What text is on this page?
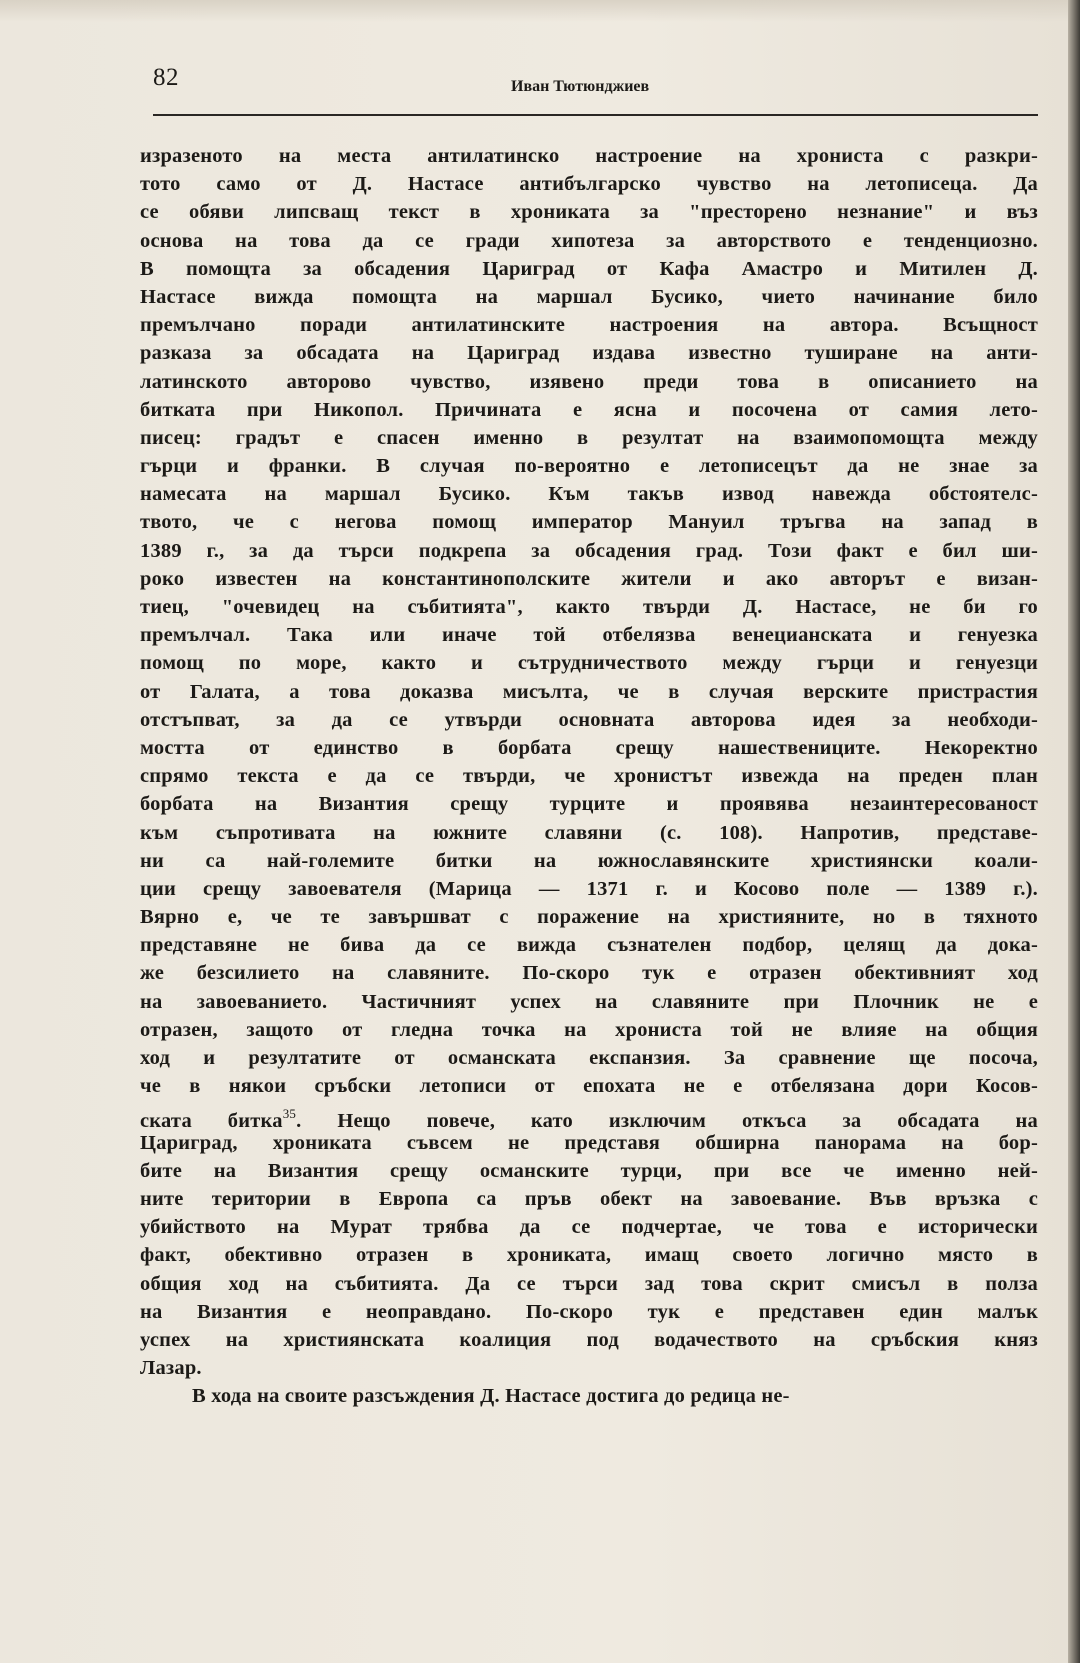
82	Иван Тютюнджиев
изразеното на места антилатинско настроение на хрониста с разкри-
тото само от Д. Настасе антибългарско чувство на летописеца. Да
се обяви липсващ текст в хрониката за "престорено незнание" и въз
основа на това да се гради хипотеза за авторството е тенденциозно.
В помощта за обсадения Цариград от Кафа Амастро и Митилен Д.
Настасе вижда помощта на маршал Бусико, чието начинание било
премълчано поради антилатинските настроения на автора. Всъщност
разказа за обсадата на Цариград издава известно туширане на анти-
латинското авторово чувство, изявено преди това в описанието на
битката при Никопол. Причината е ясна и посочена от самия лето-
писец: градът е спасен именно в резултат на взаимопомощта между
гърци и франки. В случая по-вероятно е летописецът да не знае за
намесата на маршал Бусико. Към такъв извод навежда обстоятелс-
твото, че с негова помощ император Мануил тръгва на запад в
1389 г., за да търси подкрепа за обсадения град. Този факт е бил ши-
роко известен на константинополските жители и ако авторът е визан-
тиец, "очевидец на събитията", както твърди Д. Настасе, не би го
премълчал. Така или иначе той отбелязва венецианската и генуезка
помощ по море, както и сътрудничеството между гърци и генуезци
от Галата, а това доказва мисълта, че в случая верските пристрастия
отстъпват, за да се утвърди основната авторова идея за необходи-
мостта от единство в борбата срещу нашествениците. Некоректно
спрямо текста е да се твърди, че хронистът извежда на преден план
борбата на Византия срещу турците и проявява незаинтересованост
към съпротивата на южните славяни (с. 108). Напротив, представе-
ни са най-големите битки на южнославянските християнски коали-
ции срещу завоевателя (Марица — 1371 г. и Косово поле — 1389 г.).
Вярно е, че те завършват с поражение на християните, но в тяхното
представяне не бива да се вижда съзнателен подбор, целящ да дока-
же безсилието на славяните. По-скоро тук е отразен обективният ход
на завоеванието. Частичният успех на славяните при Плочник не е
отразен, защото от гледна точка на хрониста той не влияе на общия
ход и резултатите от османската експанзия. За сравнение ще посоча,
че в някои сръбски летописи от епохата не е отбелязана дори Косов-
ската битка$^{35}$. Нещо повече, като изключим откъса за обсадата на
Цариград, хрониката съвсем не представя обширна панорама на бор-
бите на Византия срещу османските турци, при все че именно ней-
ните територии в Европа са пръв обект на завоевание. Във връзка с
убийството на Мурат трябва да се подчертае, че това е исторически
факт, обективно отразен в хрониката, имащ своето логично място в
общия ход на събитията. Да се търси зад това скрит смисъл в полза
на Византия е неоправдано. По-скоро тук е представен един малък
успех на християнската коалиция под водачеството на сръбския княз
Лазар.
В хода на своите разсъждения Д. Настасе достига до редица не-
